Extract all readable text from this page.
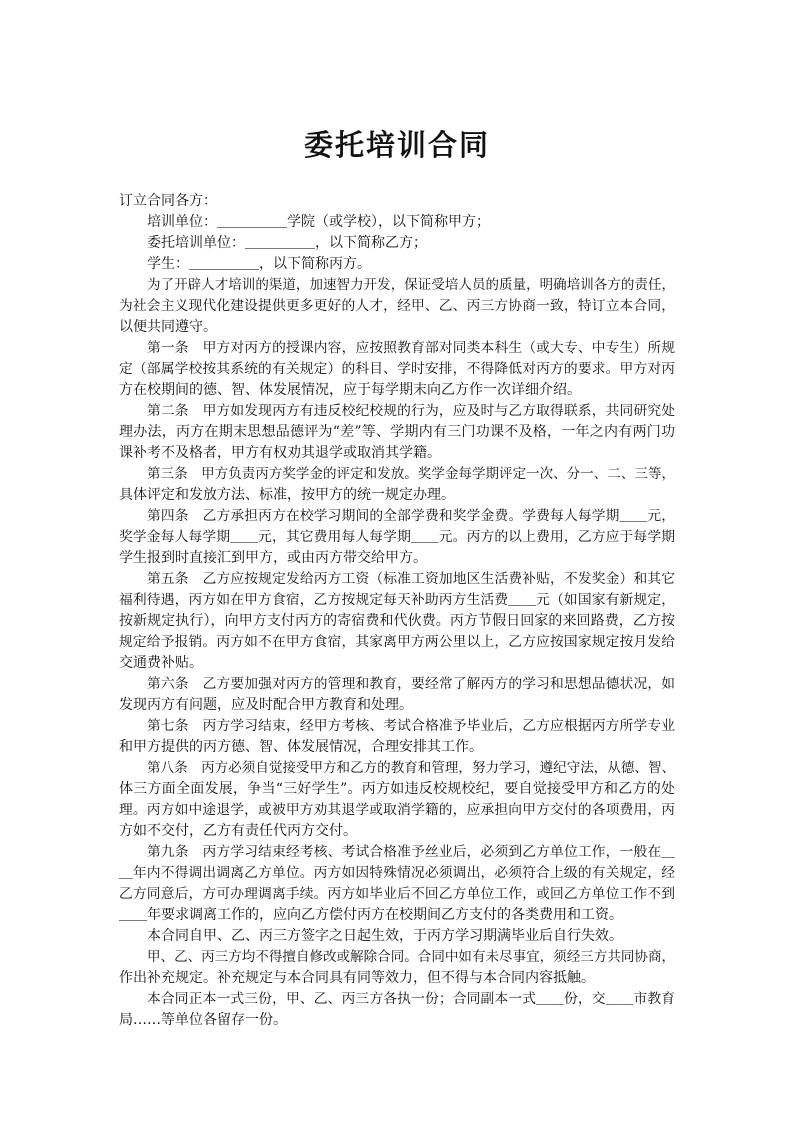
委托培训合同
订立合同各方：
培训单位：＿＿＿＿＿学院（或学校），以下简称甲方；
委托培训单位：＿＿＿＿＿，以下简称乙方；
学生：＿＿＿＿＿，以下简称丙方。
为了开辟人才培训的渠道，加速智力开发，保证受培人员的质量，明确培训各方的责任，
为社会主义现代化建设提供更多更好的人才，经甲、乙、丙三方协商一致，特订立本合同，
以便共同遵守。
第一条　甲方对丙方的授课内容，应按照教育部对同类本科生（或大专、中专生）所规
定（部属学校按其系统的有关规定）的科目、学时安排，不得降低对丙方的要求。甲方对丙
方在校期间的德、智、体发展情况，应于每学期末向乙方作一次详细介绍。
第二条　甲方如发现丙方有违反校纪校规的行为，应及时与乙方取得联系，共同研究处
理办法，丙方在期末思想品德评为“差”等、学期内有三门功课不及格，一年之内有两门功
课补考不及格者，甲方有权劝其退学或取消其学籍。
第三条　甲方负责丙方奖学金的评定和发放。奖学金每学期评定一次、分一、二、三等，
具体评定和发放方法、标准，按甲方的统一规定办理。
第四条　乙方承担丙方在校学习期间的全部学费和奖学金费。学费每人每学期＿＿元，
奖学金每人每学期＿＿元，其它费用每人每学期＿＿元。丙方的以上费用，乙方应于每学期
学生报到时直接汇到甲方，或由丙方带交给甲方。
第五条　乙方应按规定发给丙方工资（标准工资加地区生活费补贴，不发奖金）和其它
福利待遇，丙方如在甲方食宿，乙方按规定每天补助丙方生活费＿＿元（如国家有新规定，
按新规定执行），向甲方支付丙方的寄宿费和代伙费。丙方节假日回家的来回路费，乙方按
规定给予报销。丙方如不在甲方食宿，其家离甲方两公里以上，乙方应按国家规定按月发给
交通费补贴。
第六条　乙方要加强对丙方的管理和教育，要经常了解丙方的学习和思想品德状况，如
发现丙方有问题，应及时配合甲方教育和处理。
第七条　丙方学习结束，经甲方考核、考试合格准予毕业后，乙方应根据丙方所学专业
和甲方提供的丙方德、智、体发展情况，合理安排其工作。
第八条　丙方必须自觉接受甲方和乙方的教育和管理，努力学习，遵纪守法，从德、智、
体三方面全面发展，争当“三好学生”。丙方如违反校规校纪，要自觉接受甲方和乙方的处
理。丙方如中途退学，或被甲方劝其退学或取消学籍的，应承担向甲方交付的各项费用，丙
方如不交付，乙方有责任代丙方交付。
第九条　丙方学习结束经考核、考试合格准予丝业后，必须到乙方单位工作，一般在＿
＿年内不得调出调离乙方单位。丙方如因特殊情况必须调出，必须符合上级的有关规定，经
乙方同意后，方可办理调离手续。丙方如毕业后不回乙方单位工作，或回乙方单位工作不到
＿＿年要求调离工作的，应向乙方偿付丙方在校期间乙方支付的各类费用和工资。
本合同自甲、乙、丙三方签字之日起生效，于丙方学习期满毕业后自行失效。
甲、乙、丙三方均不得擅自修改或解除合同。合同中如有未尽事宜，须经三方共同协商，
作出补充规定。补充规定与本合同具有同等效力，但不得与本合同内容抵触。
本合同正本一式三份，甲、乙、丙三方各执一份；合同副本一式＿＿份，交＿＿市教育
局……等单位各留存一份。
